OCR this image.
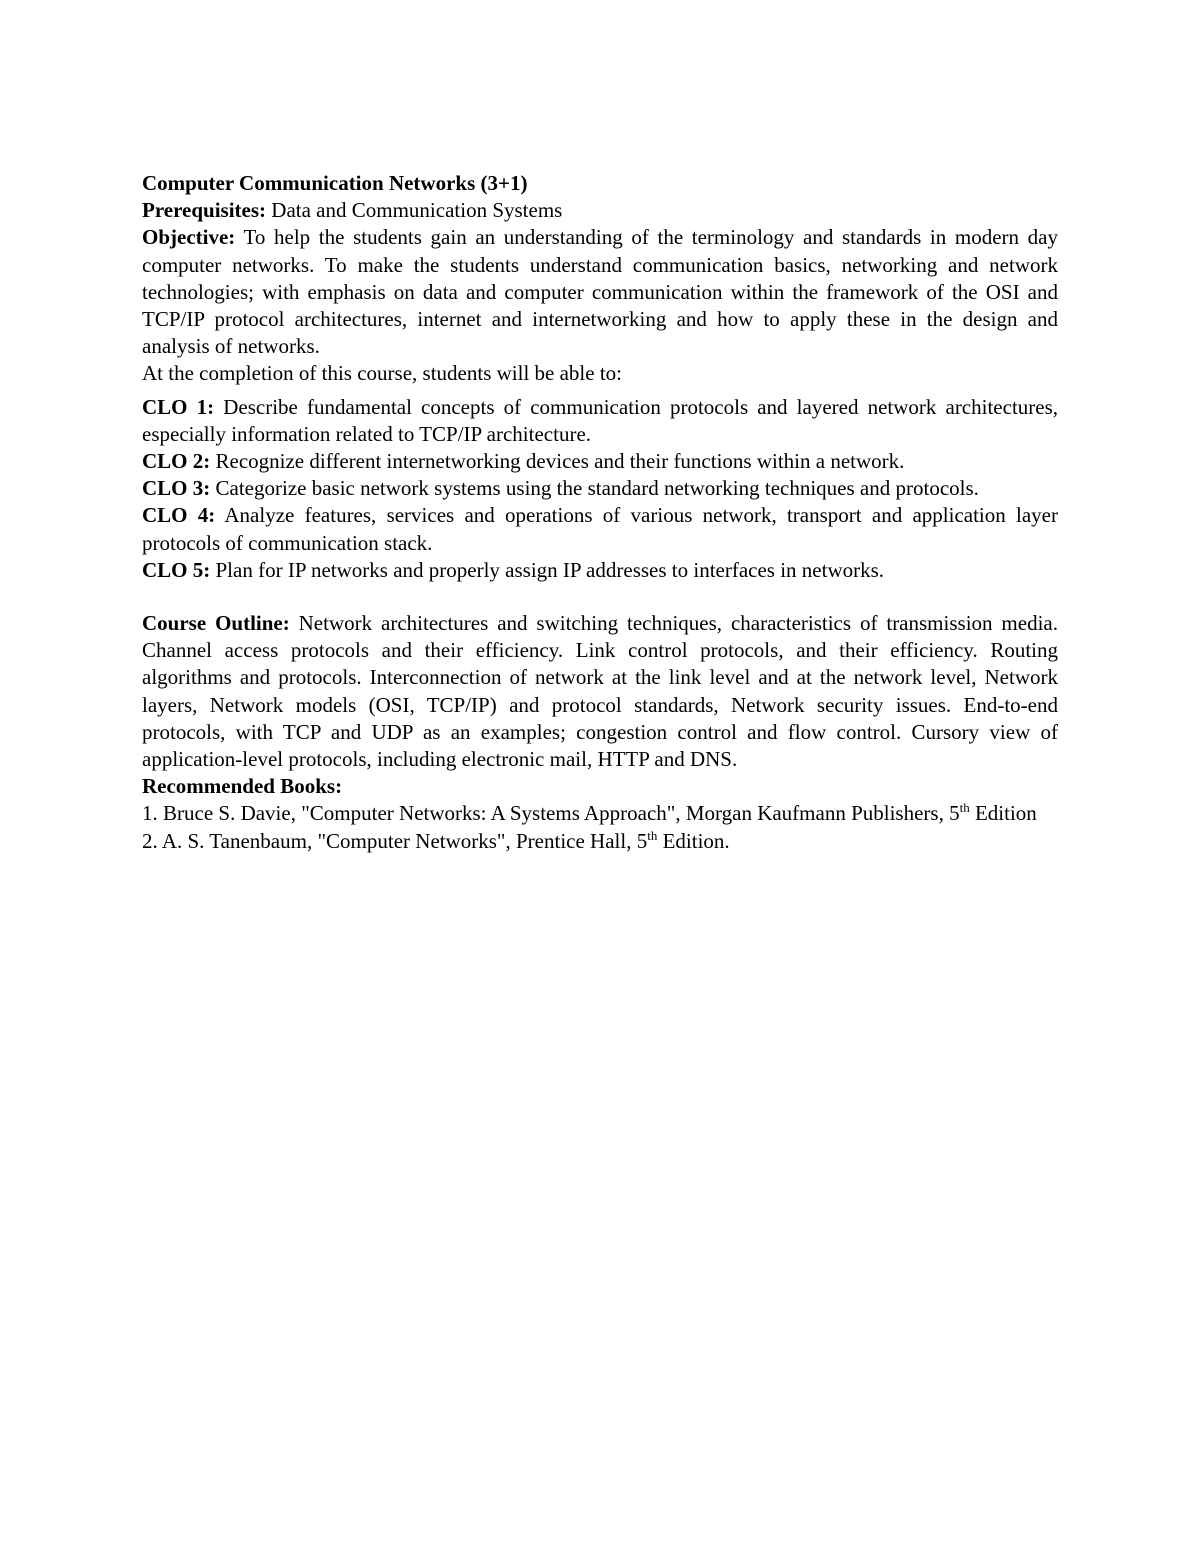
Computer Communication Networks (3+1)

Prerequisites: Data and Communication Systems

Objective: To help the students gain an understanding of the terminology and standards in modern day computer networks. To make the students understand communication basics, networking and network technologies; with emphasis on data and computer communication within the framework of the OSI and TCP/IP protocol architectures, internet and internetworking and how to apply these in the design and analysis of networks.

At the completion of this course, students will be able to:

CLO 1: Describe fundamental concepts of communication protocols and layered network architectures, especially information related to TCP/IP architecture.

CLO 2: Recognize different internetworking devices and their functions within a network.

CLO 3: Categorize basic network systems using the standard networking techniques and protocols.

CLO 4: Analyze features, services and operations of various network, transport and application layer protocols of communication stack.

CLO 5: Plan for IP networks and properly assign IP addresses to interfaces in networks.

Course Outline: Network architectures and switching techniques, characteristics of transmission media. Channel access protocols and their efficiency. Link control protocols, and their efficiency. Routing algorithms and protocols. Interconnection of network at the link level and at the network level, Network layers, Network models (OSI, TCP/IP) and protocol standards, Network security issues. End-to-end protocols, with TCP and UDP as an examples; congestion control and flow control. Cursory view of application-level protocols, including electronic mail, HTTP and DNS.

Recommended Books:

1. Bruce S. Davie, "Computer Networks: A Systems Approach", Morgan Kaufmann Publishers, 5th Edition

2. A. S. Tanenbaum, "Computer Networks", Prentice Hall, 5th Edition.
